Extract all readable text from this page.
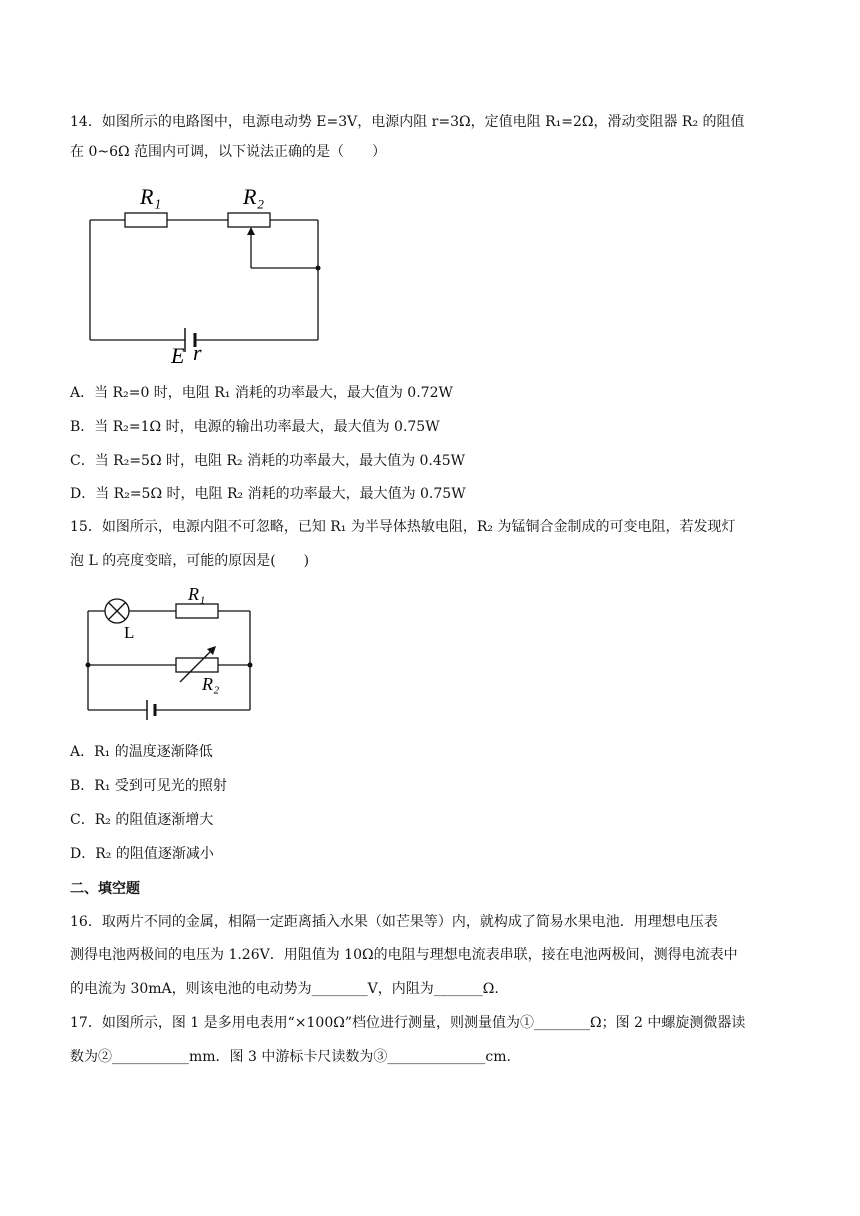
14．如图所示的电路图中，电源电动势 E=3V，电源内阻 r=3Ω，定值电阻 R₁=2Ω，滑动变阻器 R₂ 的阻值
在 0~6Ω 范围内可调，以下说法正确的是（　　）
R₁	R₂
E r
A．当 R₂=0 时，电阻 R₁ 消耗的功率最大，最大值为 0.72W
B．当 R₂=1Ω 时，电源的输出功率最大，最大值为 0.75W
C．当 R₂=5Ω 时，电阻 R₂ 消耗的功率最大，最大值为 0.45W
D．当 R₂=5Ω 时，电阻 R₂ 消耗的功率最大，最大值为 0.75W
15．如图所示，电源内阻不可忽略，已知 R₁ 为半导体热敏电阻，R₂ 为锰铜合金制成的可变电阻，若发现灯
泡 L 的亮度变暗，可能的原因是(　　)
R₁
R₂
L
A．R₁ 的温度逐渐降低
B．R₁ 受到可见光的照射
C．R₂ 的阻值逐渐增大
D．R₂ 的阻值逐渐减小
二、填空题
16．取两片不同的金属，相隔一定距离插入水果（如芒果等）内，就构成了简易水果电池．用理想电压表
测得电池两极间的电压为 1.26V．用阻值为 10Ω的电阻与理想电流表串联，接在电池两极间，测得电流表中
的电流为 30mA，则该电池的电动势为________V，内阻为_______Ω.
17．如图所示，图 1 是多用电表用“×100Ω”档位进行测量，则测量值为①________Ω；图 2 中螺旋测微器读
数为②___________mm．图 3 中游标卡尺读数为③______________cm.
